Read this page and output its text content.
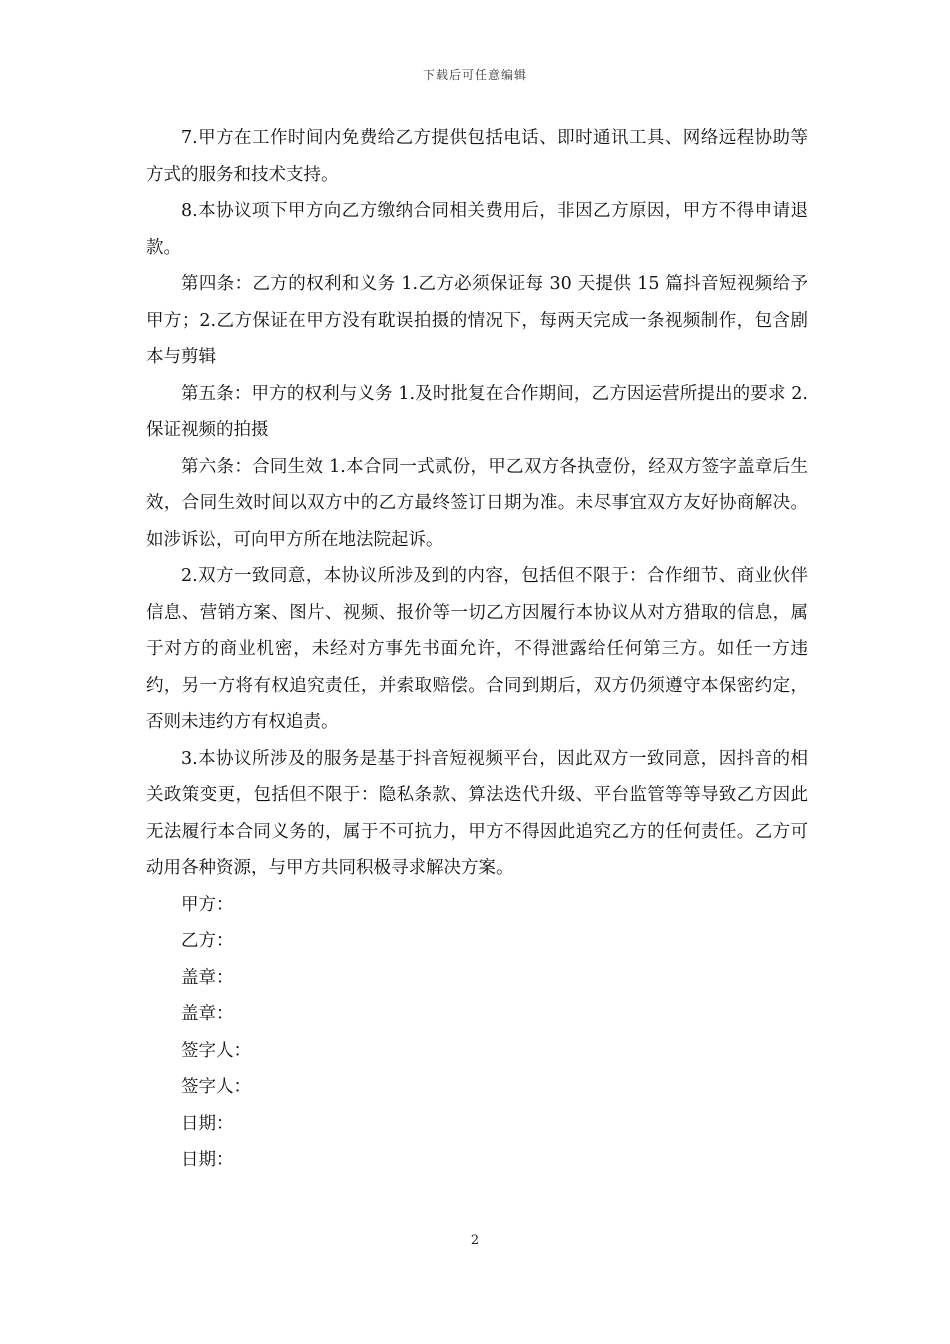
下载后可任意编辑

7.甲方在工作时间内免费给乙方提供包括电话、即时通讯工具、网络远程协助等方式的服务和技术支持。

8.本协议项下甲方向乙方缴纳合同相关费用后，非因乙方原因，甲方不得申请退款。

第四条：乙方的权利和义务 1.乙方必须保证每 30 天提供 15 篇抖音短视频给予甲方；2.乙方保证在甲方没有耽误拍摄的情况下，每两天完成一条视频制作，包含剧本与剪辑

第五条：甲方的权利与义务 1.及时批复在合作期间，乙方因运营所提出的要求 2.保证视频的拍摄

第六条：合同生效 1.本合同一式贰份，甲乙双方各执壹份，经双方签字盖章后生效，合同生效时间以双方中的乙方最终签订日期为准。未尽事宜双方友好协商解决。如涉诉讼，可向甲方所在地法院起诉。

2.双方一致同意，本协议所涉及到的内容，包括但不限于：合作细节、商业伙伴信息、营销方案、图片、视频、报价等一切乙方因履行本协议从对方猎取的信息，属于对方的商业机密，未经对方事先书面允许，不得泄露给任何第三方。如任一方违约，另一方将有权追究责任，并索取赔偿。合同到期后，双方仍须遵守本保密约定，否则未违约方有权追责。

3.本协议所涉及的服务是基于抖音短视频平台，因此双方一致同意，因抖音的相关政策变更，包括但不限于：隐私条款、算法迭代升级、平台监管等等导致乙方因此无法履行本合同义务的，属于不可抗力，甲方不得因此追究乙方的任何责任。乙方可动用各种资源，与甲方共同积极寻求解决方案。

甲方：

乙方：

盖章：

盖章：

签字人：

签字人：

日期：

日期：

2
